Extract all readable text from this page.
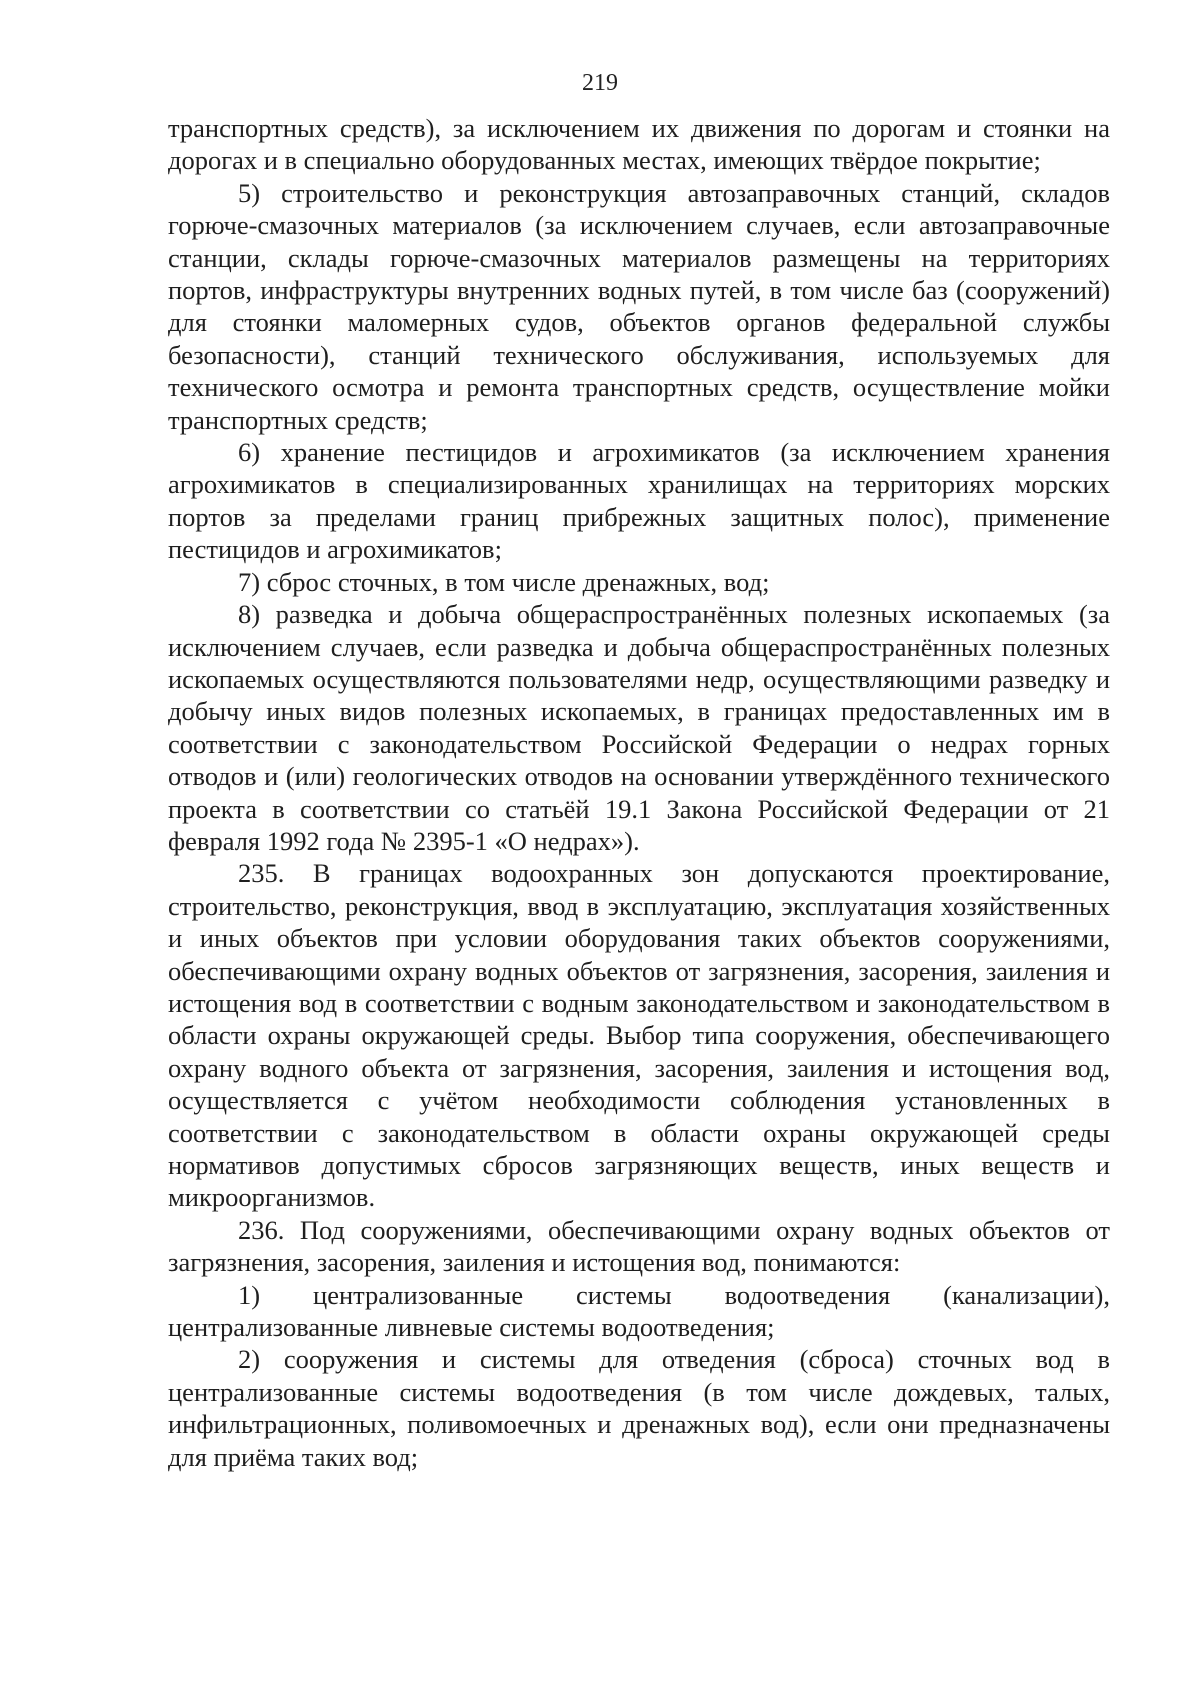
219

транспортных средств), за исключением их движения по дорогам и стоянки на дорогах и в специально оборудованных местах, имеющих твёрдое покрытие;

5) строительство и реконструкция автозаправочных станций, складов горюче-смазочных материалов (за исключением случаев, если автозаправочные станции, склады горюче-смазочных материалов размещены на территориях портов, инфраструктуры внутренних водных путей, в том числе баз (сооружений) для стоянки маломерных судов, объектов органов федеральной службы безопасности), станций технического обслуживания, используемых для технического осмотра и ремонта транспортных средств, осуществление мойки транспортных средств;

6) хранение пестицидов и агрохимикатов (за исключением хранения агрохимикатов в специализированных хранилищах на территориях морских портов за пределами границ прибрежных защитных полос), применение пестицидов и агрохимикатов;

7) сброс сточных, в том числе дренажных, вод;

8) разведка и добыча общераспространённых полезных ископаемых (за исключением случаев, если разведка и добыча общераспространённых полезных ископаемых осуществляются пользователями недр, осуществляющими разведку и добычу иных видов полезных ископаемых, в границах предоставленных им в соответствии с законодательством Российской Федерации о недрах горных отводов и (или) геологических отводов на основании утверждённого технического проекта в соответствии со статьёй 19.1 Закона Российской Федерации от 21 февраля 1992 года № 2395-1 «О недрах»).

235. В границах водоохранных зон допускаются проектирование, строительство, реконструкция, ввод в эксплуатацию, эксплуатация хозяйственных и иных объектов при условии оборудования таких объектов сооружениями, обеспечивающими охрану водных объектов от загрязнения, засорения, заиления и истощения вод в соответствии с водным законодательством и законодательством в области охраны окружающей среды. Выбор типа сооружения, обеспечивающего охрану водного объекта от загрязнения, засорения, заиления и истощения вод, осуществляется с учётом необходимости соблюдения установленных в соответствии с законодательством в области охраны окружающей среды нормативов допустимых сбросов загрязняющих веществ, иных веществ и микроорганизмов.

236. Под сооружениями, обеспечивающими охрану водных объектов от загрязнения, засорения, заиления и истощения вод, понимаются:

1) централизованные системы водоотведения (канализации), централизованные ливневые системы водоотведения;

2) сооружения и системы для отведения (сброса) сточных вод в централизованные системы водоотведения (в том числе дождевых, талых, инфильтрационных, поливомоечных и дренажных вод), если они предназначены для приёма таких вод;
